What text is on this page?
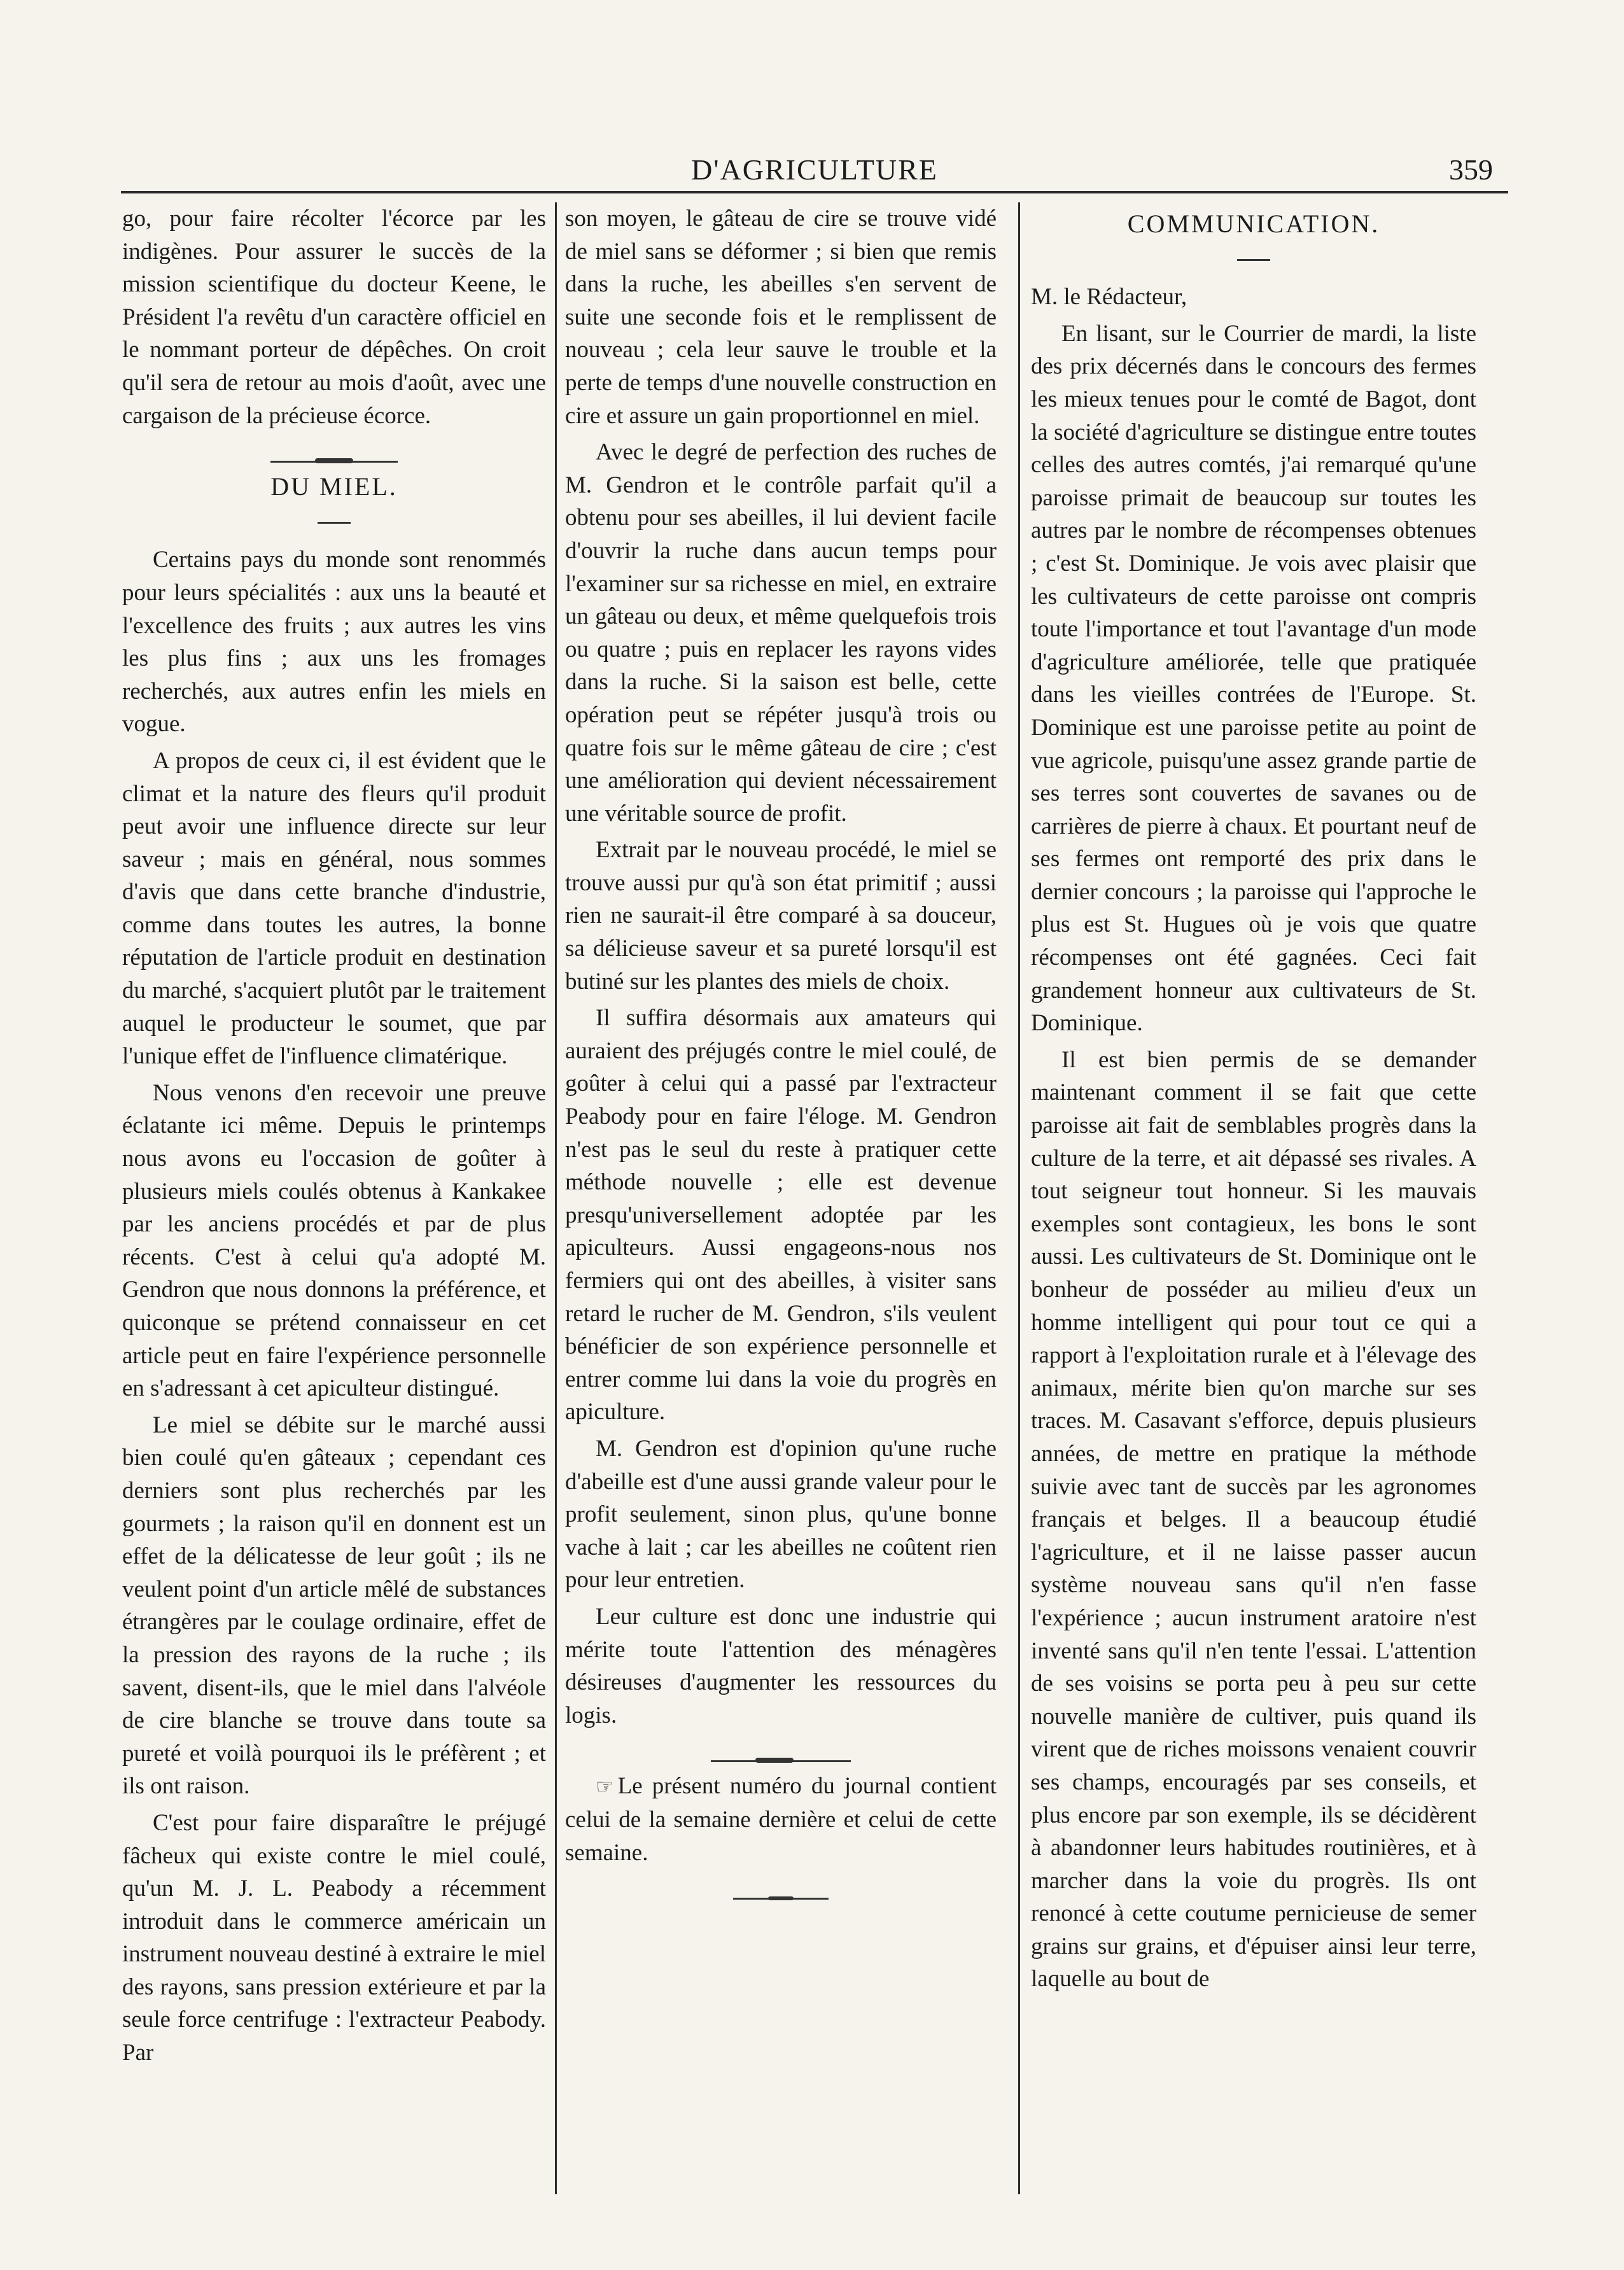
D'AGRICULTURE	359

go, pour faire récolter l'écorce par les indigènes. Pour assurer le succès de la mission scientifique du docteur Keene, le Président l'a revêtu d'un caractère officiel en le nommant porteur de dépêches. On croit qu'il sera de retour au mois d'août, avec une cargaison de la précieuse écorce.

DU MIEL.

Certains pays du monde sont renommés pour leurs spécialités : aux uns la beauté et l'excellence des fruits ; aux autres les vins les plus fins ; aux uns les fromages recherchés, aux autres enfin les miels en vogue.

A propos de ceux ci, il est évident que le climat et la nature des fleurs qu'il produit peut avoir une influence directe sur leur saveur ; mais en général, nous sommes d'avis que dans cette branche d'industrie, comme dans toutes les autres, la bonne réputation de l'article produit en destination du marché, s'acquiert plutôt par le traitement auquel le producteur le soumet, que par l'unique effet de l'influence climatérique.

Nous venons d'en recevoir une preuve éclatante ici même. Depuis le printemps nous avons eu l'occasion de goûter à plusieurs miels coulés obtenus à Kankakee par les anciens procédés et par de plus récents. C'est à celui qu'a adopté M. Gendron que nous donnons la préférence, et quiconque se prétend connaisseur en cet article peut en faire l'expérience personnelle en s'adressant à cet apiculteur distingué.

Le miel se débite sur le marché aussi bien coulé qu'en gâteaux ; cependant ces derniers sont plus recherchés par les gourmets ; la raison qu'il en donnent est un effet de la délicatesse de leur goût ; ils ne veulent point d'un article mêlé de substances étrangères par le coulage ordinaire, effet de la pression des rayons de la ruche ; ils savent, disent-ils, que le miel dans l'alvéole de cire blanche se trouve dans toute sa pureté et voilà pourquoi ils le préfèrent ; et ils ont raison.

C'est pour faire disparaître le préjugé fâcheux qui existe contre le miel coulé, qu'un M. J. L. Peabody a récemment introduit dans le commerce américain un instrument nouveau destiné à extraire le miel des rayons, sans pression extérieure et par la seule force centrifuge : l'extracteur Peabody. Par

son moyen, le gâteau de cire se trouve vidé de miel sans se déformer ; si bien que remis dans la ruche, les abeilles s'en servent de suite une seconde fois et le remplissent de nouveau ; cela leur sauve le trouble et la perte de temps d'une nouvelle construction en cire et assure un gain proportionnel en miel.

Avec le degré de perfection des ruches de M. Gendron et le contrôle parfait qu'il a obtenu pour ses abeilles, il lui devient facile d'ouvrir la ruche dans aucun temps pour l'examiner sur sa richesse en miel, en extraire un gâteau ou deux, et même quelquefois trois ou quatre ; puis en replacer les rayons vides dans la ruche. Si la saison est belle, cette opération peut se répéter jusqu'à trois ou quatre fois sur le même gâteau de cire ; c'est une amélioration qui devient nécessairement une véritable source de profit.

Extrait par le nouveau procédé, le miel se trouve aussi pur qu'à son état primitif ; aussi rien ne saurait-il être comparé à sa douceur, sa délicieuse saveur et sa pureté lorsqu'il est butiné sur les plantes des miels de choix.

Il suffira désormais aux amateurs qui auraient des préjugés contre le miel coulé, de goûter à celui qui a passé par l'extracteur Peabody pour en faire l'éloge. M. Gendron n'est pas le seul du reste à pratiquer cette méthode nouvelle ; elle est devenue presqu'universellement adoptée par les apiculteurs. Aussi engageons-nous nos fermiers qui ont des abeilles, à visiter sans retard le rucher de M. Gendron, s'ils veulent bénéficier de son expérience personnelle et entrer comme lui dans la voie du progrès en apiculture.

M. Gendron est d'opinion qu'une ruche d'abeille est d'une aussi grande valeur pour le profit seulement, sinon plus, qu'une bonne vache à lait ; car les abeilles ne coûtent rien pour leur entretien.

Leur culture est donc une industrie qui mérite toute l'attention des ménagères désireuses d'augmenter les ressources du logis.

☞ Le présent numéro du journal contient celui de la semaine dernière et celui de cette semaine.

COMMUNICATION.

M. le Rédacteur,

En lisant, sur le Courrier de mardi, la liste des prix décernés dans le concours des fermes les mieux tenues pour le comté de Bagot, dont la société d'agriculture se distingue entre toutes celles des autres comtés, j'ai remarqué qu'une paroisse primait de beaucoup sur toutes les autres par le nombre de récompenses obtenues ; c'est St. Dominique. Je vois avec plaisir que les cultivateurs de cette paroisse ont compris toute l'importance et tout l'avantage d'un mode d'agriculture améliorée, telle que pratiquée dans les vieilles contrées de l'Europe. St. Dominique est une paroisse petite au point de vue agricole, puisqu'une assez grande partie de ses terres sont couvertes de savanes ou de carrières de pierre à chaux. Et pourtant neuf de ses fermes ont remporté des prix dans le dernier concours ; la paroisse qui l'approche le plus est St. Hugues où je vois que quatre récompenses ont été gagnées. Ceci fait grandement honneur aux cultivateurs de St. Dominique.

Il est bien permis de se demander maintenant comment il se fait que cette paroisse ait fait de semblables progrès dans la culture de la terre, et ait dépassé ses rivales. A tout seigneur tout honneur. Si les mauvais exemples sont contagieux, les bons le sont aussi. Les cultivateurs de St. Dominique ont le bonheur de posséder au milieu d'eux un homme intelligent qui pour tout ce qui a rapport à l'exploitation rurale et à l'élevage des animaux, mérite bien qu'on marche sur ses traces. M. Casavant s'efforce, depuis plusieurs années, de mettre en pratique la méthode suivie avec tant de succès par les agronomes français et belges. Il a beaucoup étudié l'agriculture, et il ne laisse passer aucun système nouveau sans qu'il n'en fasse l'expérience ; aucun instrument aratoire n'est inventé sans qu'il n'en tente l'essai. L'attention de ses voisins se porta peu à peu sur cette nouvelle manière de cultiver, puis quand ils virent que de riches moissons venaient couvrir ses champs, encouragés par ses conseils, et plus encore par son exemple, ils se décidèrent à abandonner leurs habitudes routinières, et à marcher dans la voie du progrès. Ils ont renoncé à cette coutume pernicieuse de semer grains sur grains, et d'épuiser ainsi leur terre, laquelle au bout de
